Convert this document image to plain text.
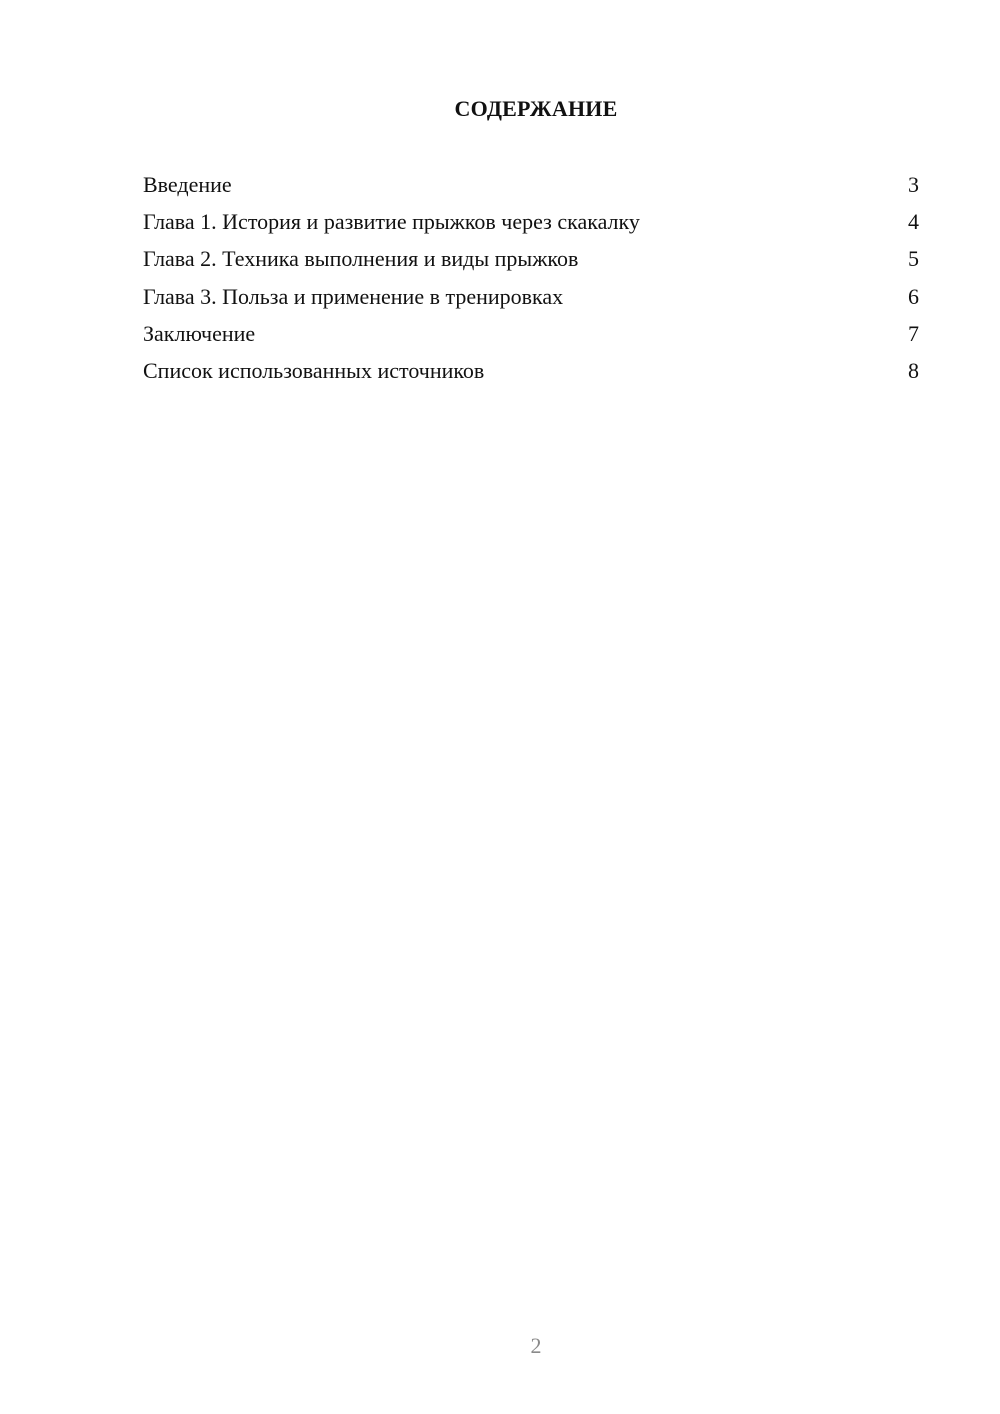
СОДЕРЖАНИЕ
Введение	3
Глава 1. История и развитие прыжков через скакалку	4
Глава 2. Техника выполнения и виды прыжков	5
Глава 3. Польза и применение в тренировках	6
Заключение	7
Список использованных источников	8
2
